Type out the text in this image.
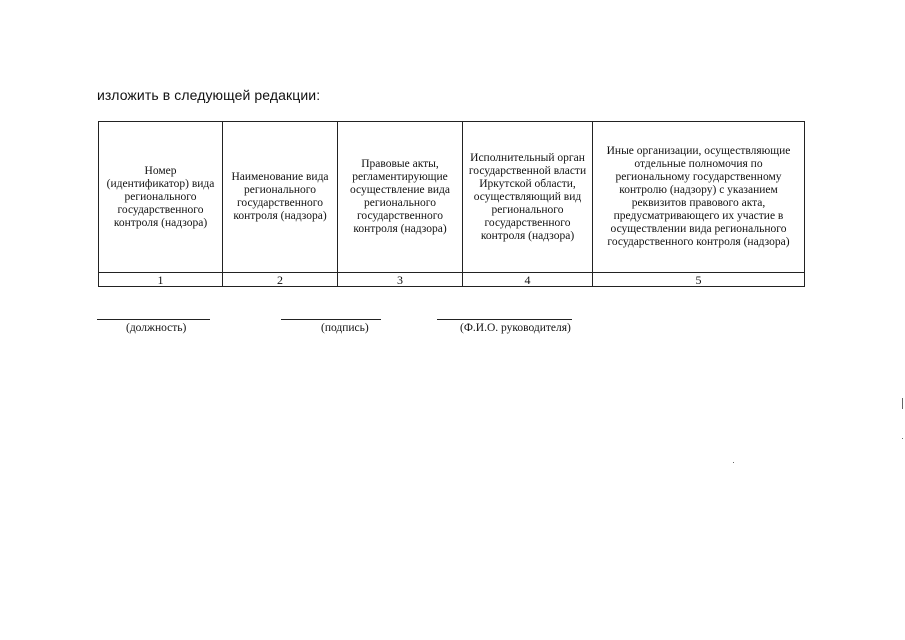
изложить в следующей редакции:
Номер (идентификатор) вида регионального государственного контроля (надзора)	Наименование вида регионального государственного контроля (надзора)	Правовые акты, регламентирующие осуществление вида регионального государственного контроля (надзора)	Исполнительный орган государственной власти Иркутской области, осуществляющий вид регионального государственного контроля (надзора)	Иные организации, осуществляющие отдельные полномочия по региональному государственному контролю (надзору) с указанием реквизитов правового акта, предусматривающего их участие в осуществлении вида регионального государственного контроля (надзора)
1	2	3	4	5
(должность)	(подпись)	(Ф.И.О. руководителя)
